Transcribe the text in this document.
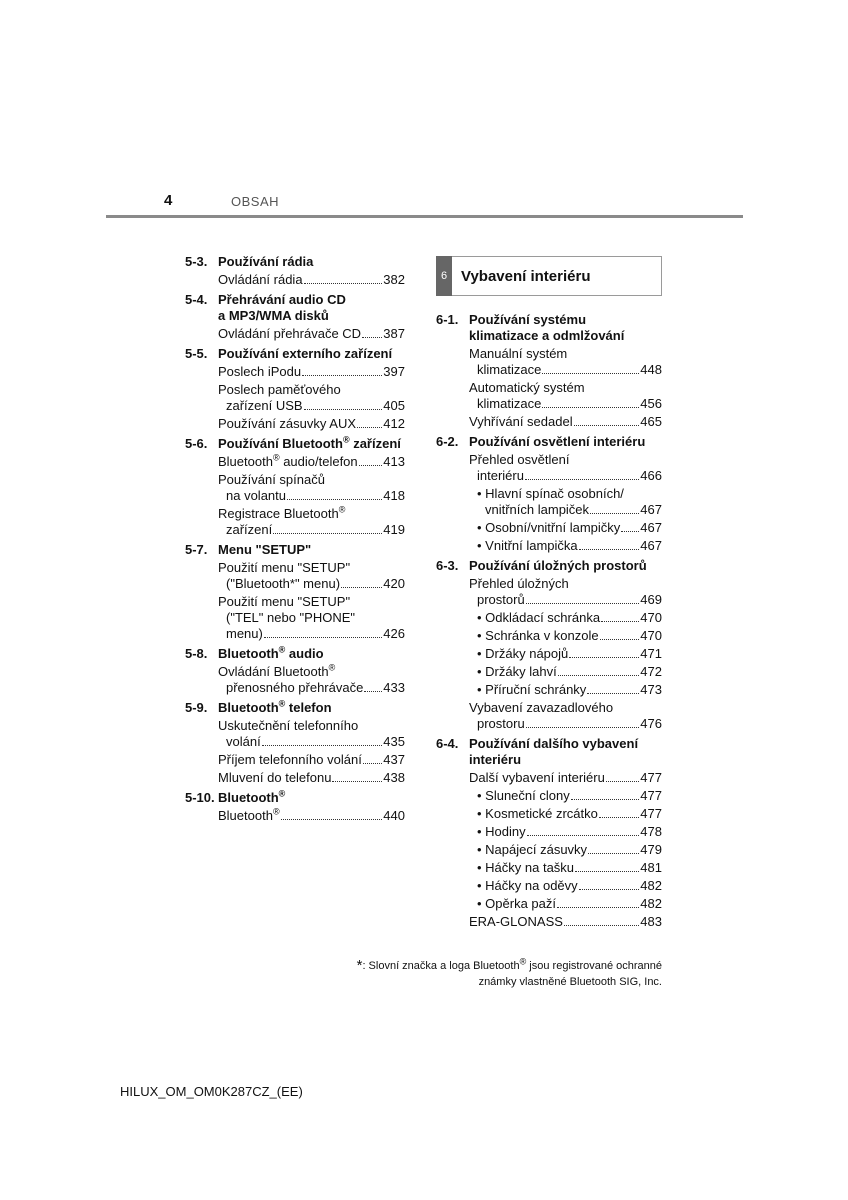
4	OBSAH
5-3. Používání rádia
Ovládání rádia	382
5-4. Přehrávání audio CD
a MP3/WMA disků
Ovládání přehrávače CD 387
5-5. Používání externího zařízení
Poslech iPodu	397
Poslech paměťového
zařízení USB	405
Používání zásuvky AUX 412
5-6. Používání Bluetooth® zařízení
Bluetooth® audio/telefon 413
Používání spínačů
na volantu	418
Registrace Bluetooth®
zařízení	419
5-7. Menu "SETUP"
Použití menu "SETUP"
("Bluetooth*" menu)	420
Použití menu "SETUP"
("TEL" nebo "PHONE"
menu)	426
5-8. Bluetooth® audio
Ovládání Bluetooth®
přenosného přehrávače 433
5-9. Bluetooth® telefon
Uskutečnění telefonního
volání	435
Příjem telefonního volání 437
Mluvení do telefonu	438
5-10. Bluetooth®
Bluetooth®	440
6 Vybavení interiéru
6-1. Používání systému
klimatizace a odmlžování
Manuální systém
klimatizace	448
Automatický systém
klimatizace	456
Vyhřívání sedadel	465
6-2. Používání osvětlení interiéru
Přehled osvětlení
interiéru	466
• Hlavní spínač osobních/
vnitřních lampiček	467
• Osobní/vnitřní lampičky 467
• Vnitřní lampička	467
6-3. Používání úložných prostorů
Přehled úložných
prostorů	469
• Odkládací schránka	470
• Schránka v konzole	470
• Držáky nápojů	471
• Držáky lahví	472
• Příruční schránky	473
Vybavení zavazadlového
prostoru	476
6-4. Používání dalšího vybavení
interiéru
Další vybavení interiéru	477
• Sluneční clony	477
• Kosmetické zrcátko	477
• Hodiny	478
• Napájecí zásuvky	479
• Háčky na tašku	481
• Háčky na oděvy	482
• Opěrka paží	482
ERA-GLONASS	483
*: Slovní značka a loga Bluetooth® jsou registrované ochranné
známky vlastněné Bluetooth SIG, Inc.
HILUX_OM_OM0K287CZ_(EE)
